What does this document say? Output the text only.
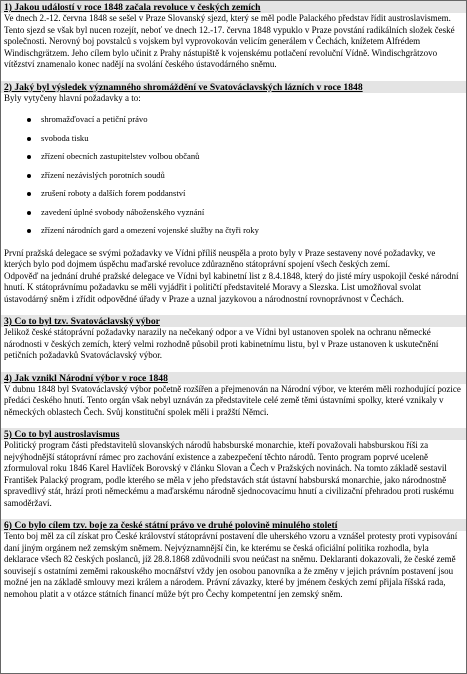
1) Jakou událostí v roce 1848 začala revoluce v českých zemích

Ve dnech 2.-12. června 1848 se sešel v Praze Slovanský sjezd, který se měl podle Palackého představ řídit austroslavismem. Tento sjezd se však byl nucen rozejít, neboť ve dnech 12.-17. června 1848 vypuklo v Praze povstání radikálních složek české společnosti. Nerovný boj povstalců s vojskem byl vyprovokován velicím generálem v Čechách, knížetem Alfrédem Windischgrätzem. Jeho cílem bylo učinit z Prahy nástupiště k vojenskému potlačení revoluční Vídně. Windischgrätzovo vítězství znamenalo konec nadějí na svolání českého ústavodárného sněmu.

2) Jaký byl výsledek významného shromáždění ve Svatováclavských lázních v roce 1848

Byly vytyčeny hlavní požadavky a to:

shromažďovací a petiční právo
svoboda tisku
zřízení obecních zastupitelstev volbou občanů
zřízení nezávislých porotních soudů
zrušení roboty a dalších forem poddanství
zavedení úplné svobody náboženského vyznání
zřízení národních gard a omezení vojenské služby na čtyři roky

První pražská delegace se svými požadavky ve Vídni příliš neuspěla a proto byly v Praze sestaveny nové požadavky, ve kterých bylo pod dojmem úspěchu maďarské revoluce zdůrazněno státoprávní spojení všech českých zemí.

Odpověď na jednání druhé pražské delegace ve Vídni byl kabinetní list z 8.4.1848, který do jisté míry uspokojil české národní hnutí. K státoprávnímu požadavku se měli vyjádřit i političtí představitelé Moravy a Slezska. List umožňoval svolat ústavodárný sněm i zřídit odpovědné úřady v Praze a uznal jazykovou a národnostní rovnoprávnost v Čechách.

3) Co to byl tzv. Svatováclavský výbor

Jelikož české státoprávní požadavky narazily na nečekaný odpor a ve Vídni byl ustanoven spolek na ochranu německé národnosti v českých zemích, který velmi rozhodně působil proti kabinetnímu listu, byl v Praze ustanoven k uskutečnění petičních požadavků Svatováclavský výbor.

4) Jak vznikl Národní výbor v roce 1848

V dubnu 1848 byl Svatováclavský výbor početně rozšířen a přejmenován na Národní výbor, ve kterém měli rozhodující pozice předáci českého hnutí. Tento orgán však nebyl uznáván za představitele celé země těmi ústavními spolky, které vznikaly v německých oblastech Čech. Svůj konstituční spolek měli i pražští Němci.

5) Co to byl austroslavismus

Politický program části představitelů slovanských národů habsburské monarchie, kteří považovali habsburskou říši za nejvýhodnější státoprávní rámec pro zachování existence a zabezpečení těchto národů. Tento program poprvé uceleně zformuloval roku 1846 Karel Havlíček Borovský v článku Slovan a Čech v Pražských novinách. Na tomto základě sestavil František Palacký program, podle kterého se měla v jeho představách stát ústavní habsburská monarchie, jako národnostně spravedlivý stát, hrází proti německému a maďarskému národně sjednocovacímu hnutí a civilizační přehradou proti ruskému samoděržaví.

6) Co bylo cílem tzv. boje za české státní právo ve druhé polovině minulého století

Tento boj měl za cíl získat pro České království státoprávní postavení dle uherského vzoru a vznášel protesty proti vypisování daní jiným orgánem než zemským sněmem. Nejvýznamnější čin, ke kterému se česká oficiální politika rozhodla, byla deklarace všech 82 českých poslanců, jíž 28.8.1868 zdůvodnili svou neúčast na sněmu. Deklaranti dokazovali, že české země souvisejí s ostatními zeměmi rakouského mocnářství vždy jen osobou panovníka a že změny v jejich právním postavení jsou možné jen na základě smlouvy mezi králem a národem. Právní závazky, které by jménem českých zemí přijala říšská rada, nemohou platit a v otázce státních financí může být pro Čechy kompetentní jen zemský sněm.
